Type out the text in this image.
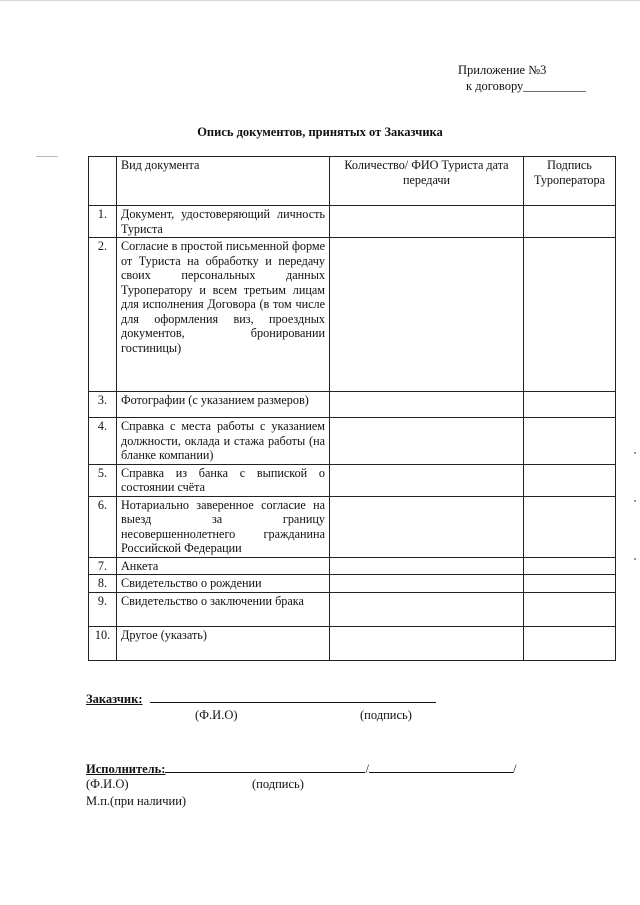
Приложение №3
к договору__________
Опись документов, принятых от Заказчика
	Вид документа	Количество/ ФИО Туриста дата передачи	Подпись Туроператора
1.	Документ, удостоверяющий личность Туриста		
2.	Согласие в простой письменной форме от Туриста на обработку и передачу своих персональных данных Туроператору и всем третьим лицам для исполнения Договора (в том числе для оформления виз, проездных документов, бронировании гостиницы)		
3.	Фотографии (с указанием размеров)		
4.	Справка с места работы с указанием должности, оклада и стажа работы (на бланке компании)		
5.	Справка из банка с выпиской о состоянии счёта		
6.	Нотариально заверенное согласие на выезд за границу несовершеннолетнего гражданина Российской Федерации		
7.	Анкета		
8.	Свидетельство о рождении		
9.	Свидетельство о заключении брака		
10.	Другое (указать)		
Заказчик:
(Ф.И.О)	(подпись)
Исполнитель:	/	/
(Ф.И.О)	(подпись)
М.п.(при наличии)
